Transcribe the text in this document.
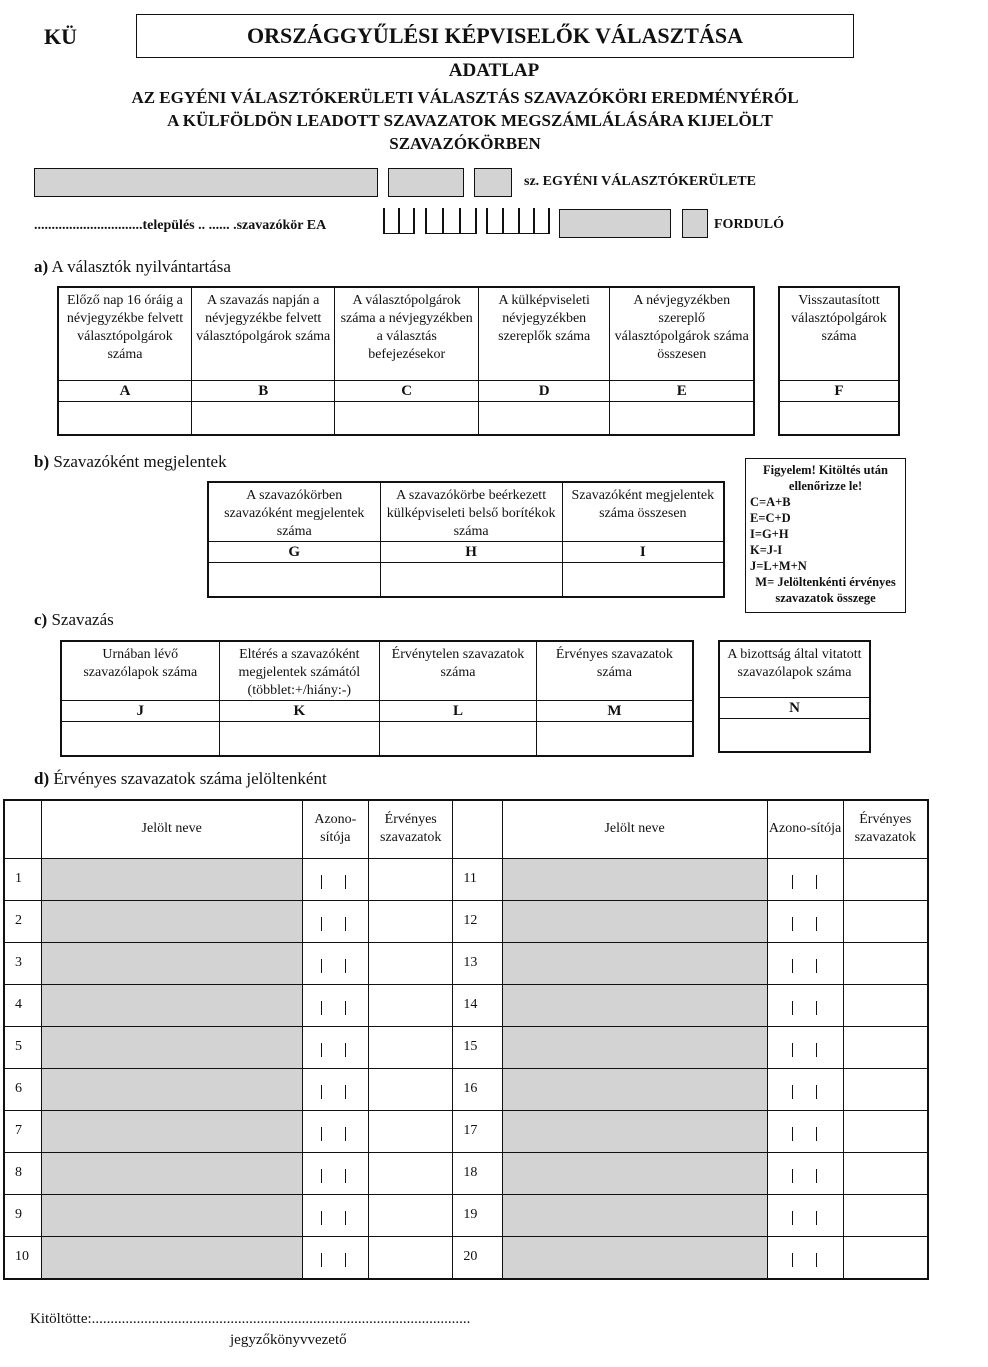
KÜ	ORSZÁGGYŰLÉSI KÉPVISELŐK VÁLASZTÁSA
ADATLAP
AZ EGYÉNI VÁLASZTÓKERÜLETI VÁLASZTÁS SZAVAZÓKÖRI EREDMÉNYÉRŐL
A KÜLFÖLDÖN LEADOTT SZAVAZATOK MEGSZÁMLÁLÁSÁRA KIJELÖLT
SZAVAZÓKÖRBEN
sz. EGYÉNI VÁLASZTÓKERÜLETE
...............................település .. ...... .szavazókör EA	FORDULÓ
a) A választók nyilvántartása
Előző nap 16 óráig a névjegyzékbe felvett választópolgárok száma	A szavazás napján a névjegyzékbe felvett választópolgárok száma	A választópolgárok száma a névjegyzékben a választás befejezésekor	A külképviseleti névjegyzékben szereplők száma	A névjegyzékben szereplő választópolgárok száma összesen
A	B	C	D	E

Visszautasított választópolgárok száma
F

b) Szavazóként megjelentek
A szavazókörben szavazóként megjelentek száma	A szavazókörbe beérkezett külképviseleti belső borítékok száma	Szavazóként megjelentek száma összesen
G	H	I

Figyelem! Kitöltés után ellenőrizze le!
C=A+B
E=C+D
I=G+H
K=J-I
J=L+M+N
M= Jelöltenkénti érvényes szavazatok összege
c) Szavazás
Urnában lévő szavazólapok száma	Eltérés a szavazóként megjelentek számától (többlet:+/hiány:-)	Érvénytelen szavazatok száma	Érvényes szavazatok száma
J	K	L	M

A bizottság által vitatott szavazólapok száma
N

d) Érvényes szavazatok száma jelöltenként
	Jelölt neve	Azono-sítója	Érvényes szavazatok		Jelölt neve	Azono-sítója	Érvényes szavazatok
1				11		

2				12		

3				13		

4				14		

5				15		

6				16		

7				17		

8				18		

9				19		

10				20		

Kitöltötte:.....................................................................................................
jegyzőkönyvvezető
